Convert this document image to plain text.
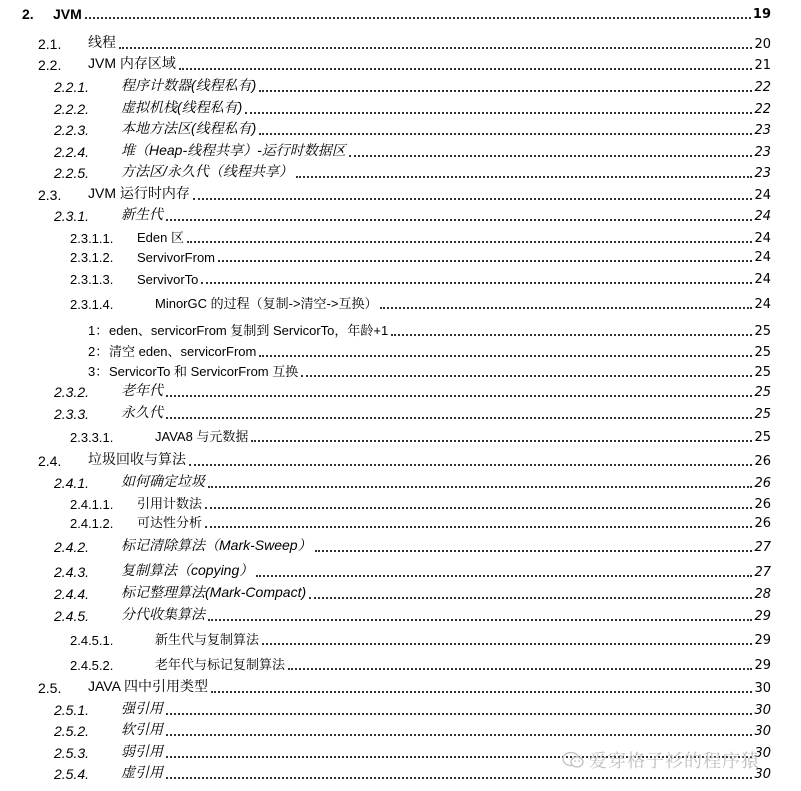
2. JVM	19
2.1. 线程	20
2.2. JVM 内存区域	21
2.2.1. 程序计数器(线程私有)	22
2.2.2. 虚拟机栈(线程私有)	22
2.2.3. 本地方法区(线程私有)	23
2.2.4. 堆（Heap-线程共享）-运行时数据区	23
2.2.5. 方法区/永久代（线程共享）	23
2.3. JVM 运行时内存	24
2.3.1. 新生代	24
2.3.1.1. Eden 区	24
2.3.1.2. ServivorFrom	24
2.3.1.3. ServivorTo	24
2.3.1.4.	MinorGC 的过程（复制->清空->互换）	24
1： eden、servicorFrom 复制到 ServicorTo，年龄+1	25
2： 清空 eden、servicorFrom	25
3： ServicorTo 和 ServicorFrom 互换	25
2.3.2. 老年代	25
2.3.3. 永久代	25
2.3.3.1.	JAVA8 与元数据	25
2.4. 垃圾回收与算法	26
2.4.1. 如何确定垃圾	26
2.4.1.1. 引用计数法	26
2.4.1.2. 可达性分析	26
2.4.2. 标记清除算法（Mark-Sweep）	27
2.4.3. 复制算法（copying）	27
2.4.4. 标记整理算法(Mark-Compact)	28
2.4.5. 分代收集算法	29
2.4.5.1.	新生代与复制算法	29
2.4.5.2.	老年代与标记复制算法	29
2.5. JAVA 四中引用类型	30
2.5.1. 强引用	30
2.5.2. 软引用	30
2.5.3. 弱引用	30
2.5.4. 虚引用	30
爱穿格子衫的程序猿
